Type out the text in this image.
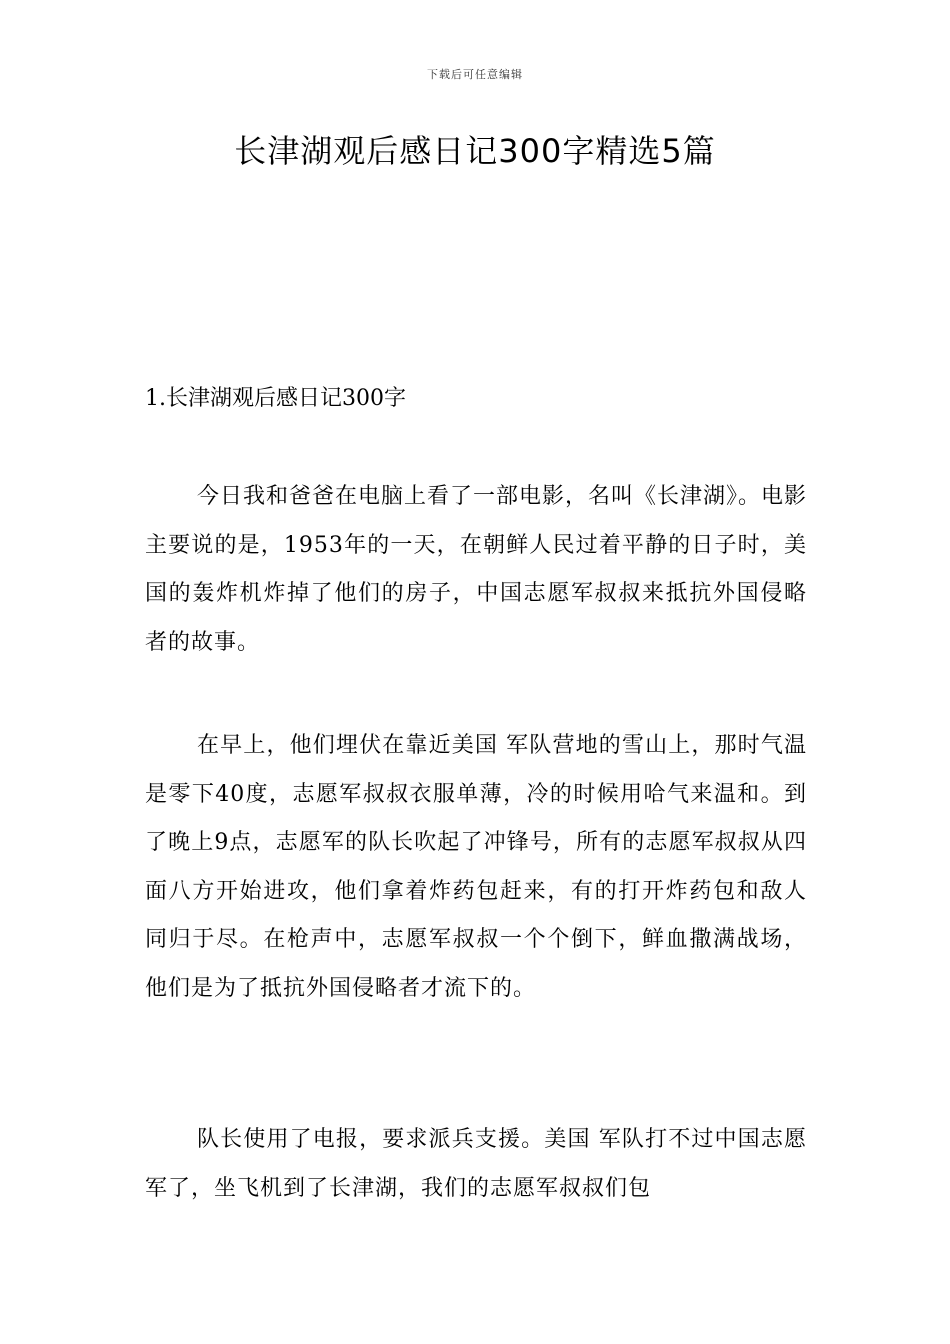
下载后可任意编辑
长津湖观后感日记300字精选5篇
1.长津湖观后感日记300字

今日我和爸爸在电脑上看了一部电影，名叫《长津湖》。电影主要说的是，1953年的一天，在朝鲜人民过着平静的日子时，美国的轰炸机炸掉了他们的房子，中国志愿军叔叔来抵抗外国侵略者的故事。

在早上，他们埋伏在靠近美国 军队营地的雪山上，那时气温是零下40度，志愿军叔叔衣服单薄，冷的时候用哈气来温和。到了晚上9点，志愿军的队长吹起了冲锋号，所有的志愿军叔叔从四面八方开始进攻，他们拿着炸药包赶来，有的打开炸药包和敌人同归于尽。在枪声中，志愿军叔叔一个个倒下，鲜血撒满战场，他们是为了抵抗外国侵略者才流下的。

队长使用了电报，要求派兵支援。美国 军队打不过中国志愿军了，坐飞机到了长津湖，我们的志愿军叔叔们包
